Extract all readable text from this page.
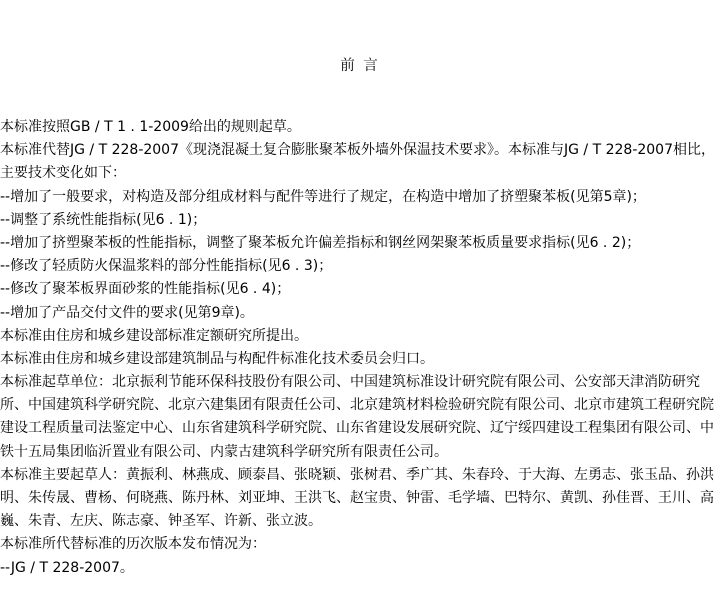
前 言
本标准按照GB / T 1 . 1-2009给出的规则起草。
本标准代替JG / T 228-2007《现浇混凝土复合膨胀聚苯板外墙外保温技术要求》。本标准与JG / T 228-2007相比，
主要技术变化如下：
--增加了一般要求，对构造及部分组成材料与配件等进行了规定，在构造中增加了挤塑聚苯板(见第5章)；
--调整了系统性能指标(见6 . 1)；
--增加了挤塑聚苯板的性能指标，调整了聚苯板允许偏差指标和钢丝网架聚苯板质量要求指标(见6 . 2)；
--修改了轻质防火保温浆料的部分性能指标(见6 . 3)；
--修改了聚苯板界面砂浆的性能指标(见6 . 4)；
--增加了产品交付文件的要求(见第9章)。
本标准由住房和城乡建设部标准定额研究所提出。
本标准由住房和城乡建设部建筑制品与构配件标准化技术委员会归口。
本标准起草单位：北京振利节能环保科技股份有限公司、中国建筑标准设计研究院有限公司、公安部天津消防研究
所、中国建筑科学研究院、北京六建集团有限责任公司、北京建筑材料检验研究院有限公司、北京市建筑工程研究院
建设工程质量司法鉴定中心、山东省建筑科学研究院、山东省建设发展研究院、辽宁绥四建设工程集团有限公司、中
铁十五局集团临沂置业有限公司、内蒙古建筑科学研究所有限责任公司。
本标准主要起草人：黄振利、林燕成、顾泰昌、张晓颖、张树君、季广其、朱春玲、于大海、左勇志、张玉品、孙洪
明、朱传晟、曹杨、何晓燕、陈丹林、刘亚坤、王洪飞、赵宝贵、钟雷、毛学墙、巴特尔、黄凯、孙佳晋、王川、高
巍、朱青、左庆、陈志豪、钟圣军、许新、张立波。
本标准所代替标准的历次版本发布情况为：
--JG / T 228-2007。
